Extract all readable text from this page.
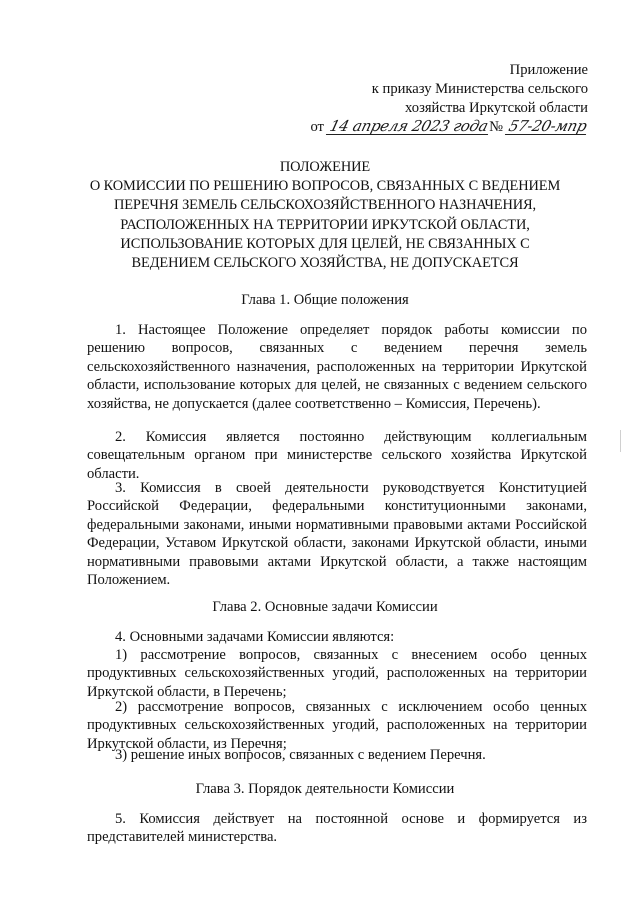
Приложение
к приказу Министерства сельского
хозяйства Иркутской области
от 14 апреля 2023 года№ 57-20-мпр
ПОЛОЖЕНИЕ
О КОМИССИИ ПО РЕШЕНИЮ ВОПРОСОВ, СВЯЗАННЫХ С ВЕДЕНИЕМ
ПЕРЕЧНЯ ЗЕМЕЛЬ СЕЛЬСКОХОЗЯЙСТВЕННОГО НАЗНАЧЕНИЯ,
РАСПОЛОЖЕННЫХ НА ТЕРРИТОРИИ ИРКУТСКОЙ ОБЛАСТИ,
ИСПОЛЬЗОВАНИЕ КОТОРЫХ ДЛЯ ЦЕЛЕЙ, НЕ СВЯЗАННЫХ С
ВЕДЕНИЕМ СЕЛЬСКОГО ХОЗЯЙСТВА, НЕ ДОПУСКАЕТСЯ
Глава 1. Общие положения
1. Настоящее Положение определяет порядок работы комиссии по решению вопросов, связанных с ведением перечня земель сельскохозяйственного назначения, расположенных на территории Иркутской области, использование которых для целей, не связанных с ведением сельского хозяйства, не допускается (далее соответственно – Комиссия, Перечень).
2. Комиссия является постоянно действующим коллегиальным совещательным органом при министерстве сельского хозяйства Иркутской области.
3. Комиссия в своей деятельности руководствуется Конституцией Российской Федерации, федеральными конституционными законами, федеральными законами, иными нормативными правовыми актами Российской Федерации, Уставом Иркутской области, законами Иркутской области, иными нормативными правовыми актами Иркутской области, а также настоящим Положением.
Глава 2. Основные задачи Комиссии
4. Основными задачами Комиссии являются:
1) рассмотрение вопросов, связанных с внесением особо ценных продуктивных сельскохозяйственных угодий, расположенных на территории Иркутской области, в Перечень;
2) рассмотрение вопросов, связанных с исключением особо ценных продуктивных сельскохозяйственных угодий, расположенных на территории Иркутской области, из Перечня;
3) решение иных вопросов, связанных с ведением Перечня.
Глава 3. Порядок деятельности Комиссии
5. Комиссия действует на постоянной основе и формируется из представителей министерства.
